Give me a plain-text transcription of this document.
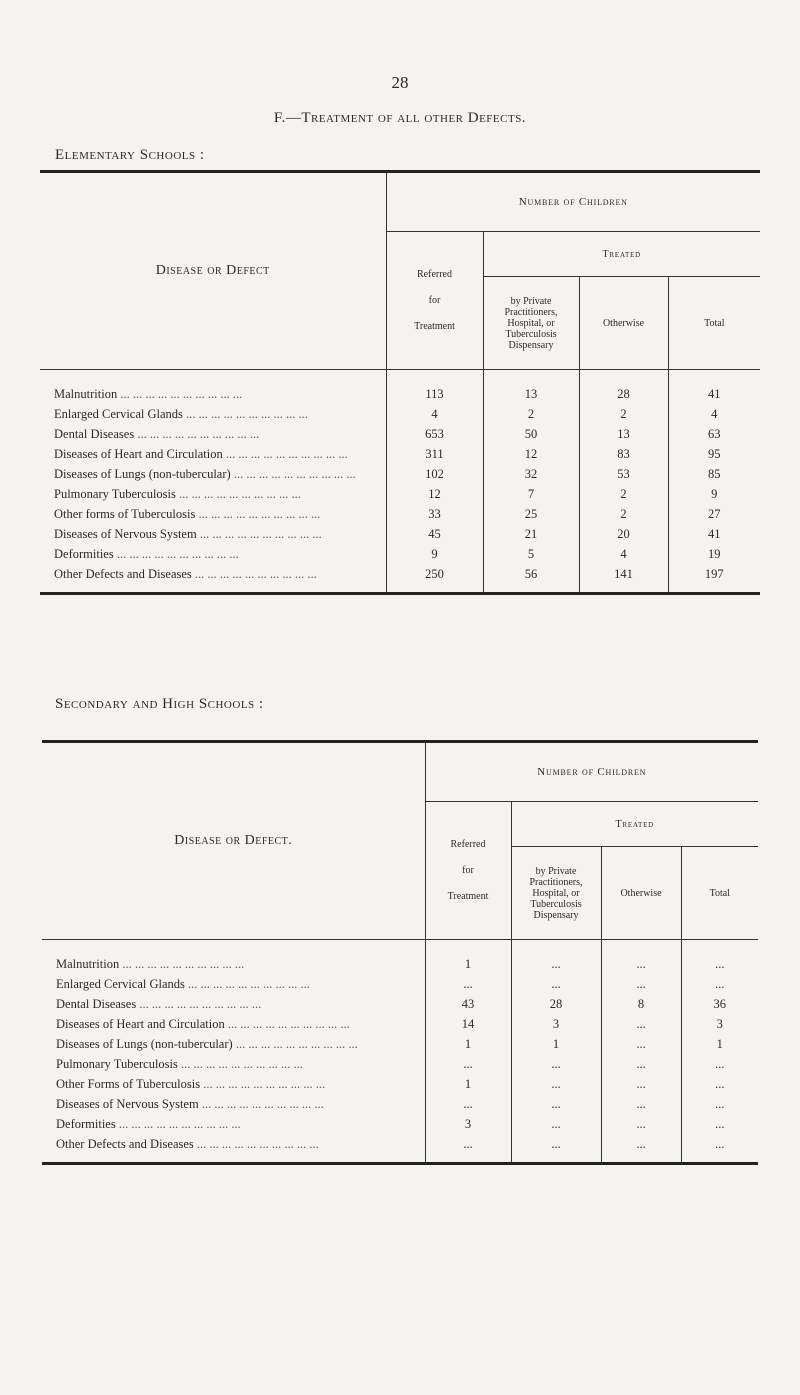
28
F.—Treatment of all other Defects.
Elementary Schools :
Disease or Defect	Number of Children			

	Referred
for
Treatment	Treated		

		by Private
Practitioners,
Hospital, or
Tuberculosis
Dispensary	Otherwise	Total

Malnutrition ... ... ... ... ... ... ... ... ... ...	113	13	28	41
Enlarged Cervical Glands ... ... ... ... ... ... ... ... ... ...	4	2	2	4
Dental Diseases ... ... ... ... ... ... ... ... ... ...	653	50	13	63
Diseases of Heart and Circulation ... ... ... ... ... ... ... ... ... ...	311	12	83	95
Diseases of Lungs (non-tubercular) ... ... ... ... ... ... ... ... ... ...	102	32	53	85
Pulmonary Tuberculosis ... ... ... ... ... ... ... ... ... ...	12	7	2	9
Other forms of Tuberculosis ... ... ... ... ... ... ... ... ... ...	33	25	2	27
Diseases of Nervous System ... ... ... ... ... ... ... ... ... ...	45	21	20	41
Deformities ... ... ... ... ... ... ... ... ... ...	9	5	4	19
Other Defects and Diseases ... ... ... ... ... ... ... ... ... ...	250	56	141	197

Secondary and High Schools :
Disease or Defect.	Number of Children			

	Referred
for
Treatment	Treated		

		by Private
Practitioners,
Hospital, or
Tuberculosis
Dispensary	Otherwise	Total

Malnutrition ... ... ... ... ... ... ... ... ... ...	1	...	...	...
Enlarged Cervical Glands ... ... ... ... ... ... ... ... ... ...	...	...	...	...
Dental Diseases ... ... ... ... ... ... ... ... ... ...	43	28	8	36
Diseases of Heart and Circulation ... ... ... ... ... ... ... ... ... ...	14	3	...	3
Diseases of Lungs (non-tubercular) ... ... ... ... ... ... ... ... ... ...	1	1	...	1
Pulmonary Tuberculosis ... ... ... ... ... ... ... ... ... ...	...	...	...	...
Other Forms of Tuberculosis ... ... ... ... ... ... ... ... ... ...	1	...	...	...
Diseases of Nervous System ... ... ... ... ... ... ... ... ... ...	...	...	...	...
Deformities ... ... ... ... ... ... ... ... ... ...	3	...	...	...
Other Defects and Diseases ... ... ... ... ... ... ... ... ... ...	...	...	...	...
